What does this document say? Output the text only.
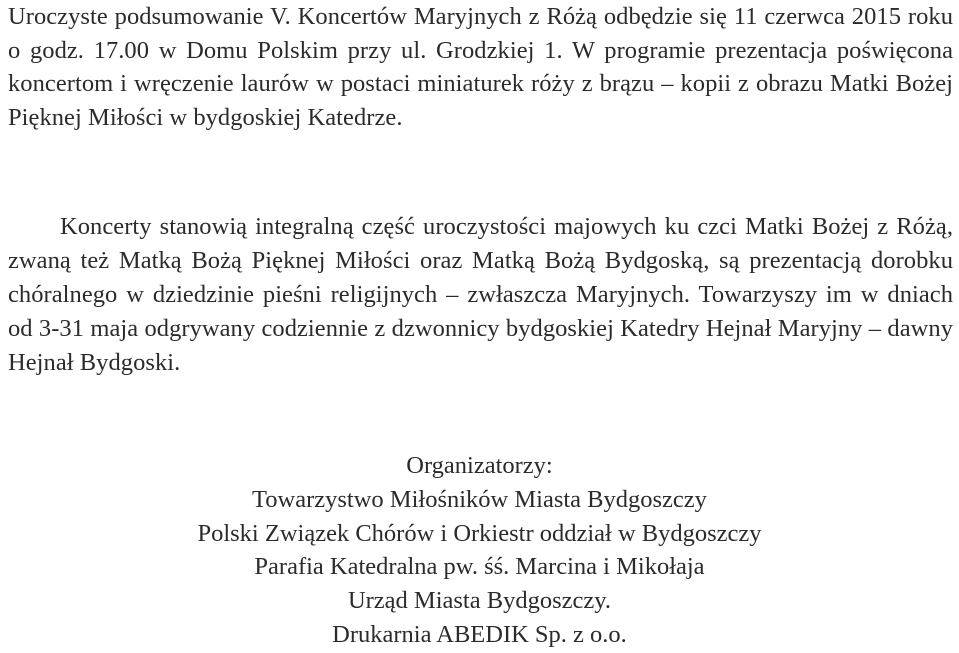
Uroczyste podsumowanie V. Koncertów Maryjnych z Różą odbędzie się 11 czerwca 2015 roku o godz. 17.00 w Domu Polskim przy ul. Grodzkiej 1. W programie prezentacja poświęcona koncertom i wręczenie laurów w postaci miniaturek róży z brązu – kopii z obrazu Matki Bożej Pięknej Miłości w bydgoskiej Katedrze.

Koncerty stanowią integralną część uroczystości majowych ku czci Matki Bożej z Różą, zwaną też Matką Bożą Pięknej Miłości oraz Matką Bożą Bydgoską, są prezentacją dorobku chóralnego w dziedzinie pieśni religijnych – zwłaszcza Maryjnych. Towarzyszy im w dniach od 3-31 maja odgrywany codziennie z dzwonnicy bydgoskiej Katedry Hejnał Maryjny – dawny Hejnał Bydgoski.

Organizatorzy:
Towarzystwo Miłośników Miasta Bydgoszczy
Polski Związek Chórów i Orkiestr oddział w Bydgoszczy
Parafia Katedralna pw. śś. Marcina i Mikołaja
Urząd Miasta Bydgoszczy.
Drukarnia ABEDIK Sp. z o.o.
